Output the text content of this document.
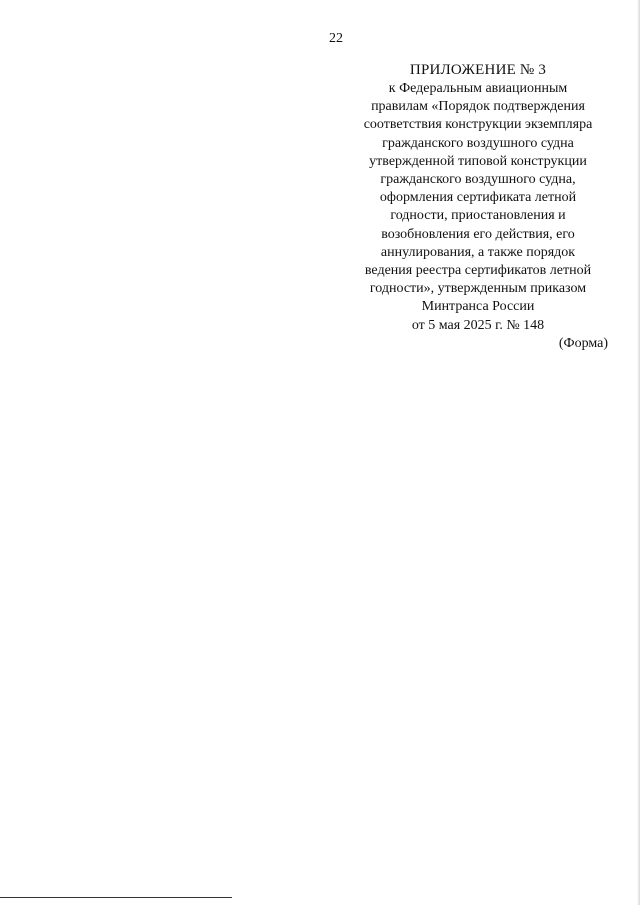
22
ПРИЛОЖЕНИЕ № 3
к Федеральным авиационным
правилам «Порядок подтверждения
соответствия конструкции экземпляра
гражданского воздушного судна
утвержденной типовой конструкции
гражданского воздушного судна,
оформления сертификата летной
годности, приостановления и
возобновления его действия, его
аннулирования, а также порядок
ведения реестра сертификатов летной
годности», утвержденным приказом
Минтранса России
от 5 мая 2025 г. № 148
(Форма)
